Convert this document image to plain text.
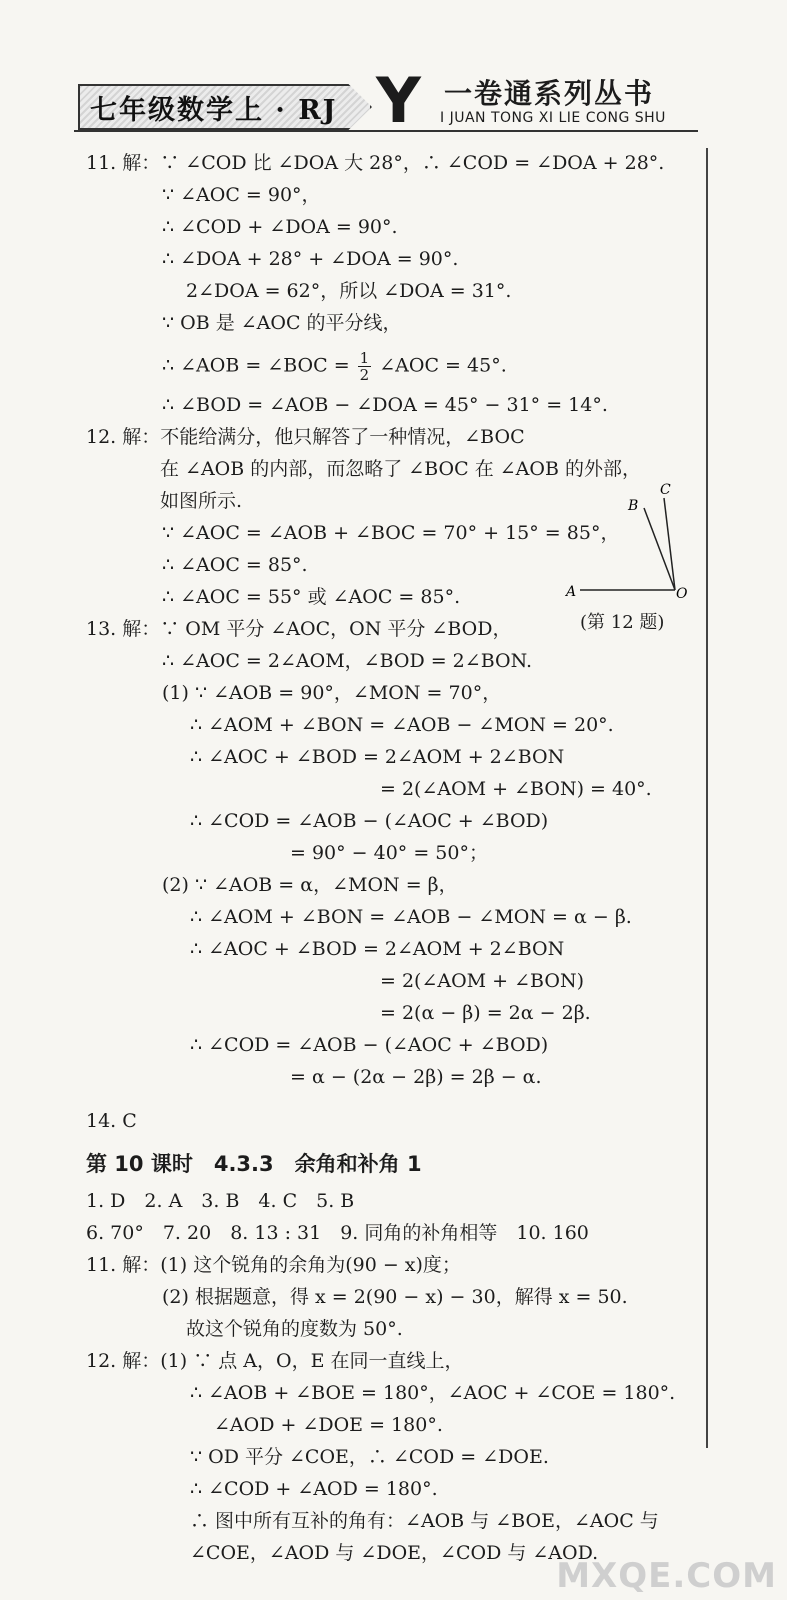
七年级数学上 · RJ Y 一卷通系列丛书
I JUAN TONG XI LIE CONG SHU
11. 解：∵ ∠COD 比 ∠DOA 大 28°，∴ ∠COD = ∠DOA + 28°.
∵ ∠AOC = 90°，
∴ ∠COD + ∠DOA = 90°.
∴ ∠DOA + 28° + ∠DOA = 90°.
2∠DOA = 62°，所以 ∠DOA = 31°.
∵ OB 是 ∠AOC 的平分线，
∴ ∠AOB = ∠BOC = $\frac{1}{2}$ ∠AOC = 45°.
∴ ∠BOD = ∠AOB − ∠DOA = 45° − 31° = 14°.
12. 解：不能给满分，他只解答了一种情况，∠BOC
在 ∠AOB 的内部，而忽略了 ∠BOC 在 ∠AOB 的外部，
如图所示.
∵ ∠AOC = ∠AOB + ∠BOC = 70° + 15° = 85°，
∴ ∠AOC = 85°.
∴ ∠AOC = 55° 或 ∠AOC = 85°.	A
B
C
O
(第 12 题)
13. 解：∵ OM 平分 ∠AOC，ON 平分 ∠BOD，
∴ ∠AOC = 2∠AOM，∠BOD = 2∠BON.
(1) ∵ ∠AOB = 90°，∠MON = 70°，
∴ ∠AOM + ∠BON = ∠AOB − ∠MON = 20°.
∴ ∠AOC + ∠BOD = 2∠AOM + 2∠BON
= 2(∠AOM + ∠BON) = 40°.
∴ ∠COD = ∠AOB − (∠AOC + ∠BOD)
= 90° − 40° = 50°；
(2) ∵ ∠AOB = α，∠MON = β，
∴ ∠AOM + ∠BON = ∠AOB − ∠MON = α − β.
∴ ∠AOC + ∠BOD = 2∠AOM + 2∠BON
= 2(∠AOM + ∠BON)
= 2(α − β) = 2α − 2β.
∴ ∠COD = ∠AOB − (∠AOC + ∠BOD)
= α − (2α − 2β) = 2β − α.
14. C
第 10 课时　4.3.3　余角和补角 1
1. D　2. A　3. B　4. C　5. B
6. 70°　7. 20　8. 13 : 31　9. 同角的补角相等　10. 160
11. 解：(1) 这个锐角的余角为(90 − x)度；
(2) 根据题意，得 x = 2(90 − x) − 30，解得 x = 50.
故这个锐角的度数为 50°.
12. 解：(1) ∵ 点 A，O，E 在同一直线上，
∴ ∠AOB + ∠BOE = 180°，∠AOC + ∠COE = 180°.
∠AOD + ∠DOE = 180°.
∵ OD 平分 ∠COE，∴ ∠COD = ∠DOE.
∴ ∠COD + ∠AOD = 180°.
∴ 图中所有互补的角有：∠AOB 与 ∠BOE，∠AOC 与
∠COE，∠AOD 与 ∠DOE，∠COD 与 ∠AOD.
MXQE.COM
